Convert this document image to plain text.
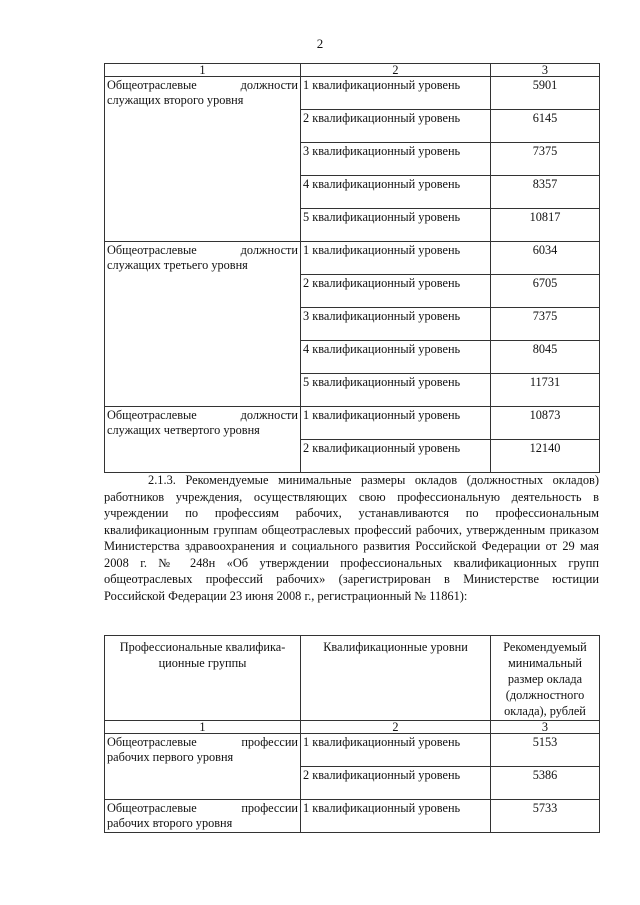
2
1	2	3

Общеотраслевые должности
служащих второго уровня	1 квалификационный уровень	5901
	2 квалификационный уровень	6145
	3 квалификационный уровень	7375
	4 квалификационный уровень	8357
	5 квалификационный уровень	10817

Общеотраслевые должности
служащих третьего уровня	1 квалификационный уровень	6034
	2 квалификационный уровень	6705
	3 квалификационный уровень	7375
	4 квалификационный уровень	8045
	5 квалификационный уровень	11731

Общеотраслевые должности
служащих четвертого уровня	1 квалификационный уровень	10873
	2 квалификационный уровень	12140

2.1.3. Рекомендуемые минимальные размеры окладов (должностных окладов) работников учреждения, осуществляющих свою профессиональную деятельность в учреждении по профессиям рабочих, устанавливаются по профессиональным квалификационным группам общеотраслевых профессий рабочих, утвержденным приказом Министерства здравоохранения и социального развития Российской Федерации от 29 мая 2008 г. № 248н «Об утверждении профессиональных квалификационных групп общеотраслевых профессий рабочих» (зарегистрирован в Министерстве юстиции Российской Федерации 23 июня 2008 г., регистрационный № 11861):

Профессиональные квалифика-ционные группы	Квалификационные уровни	Рекомендуемый минимальный размер оклада (должностного оклада), рублей
1	2	3

Общеотраслевые профессии
рабочих первого уровня	1 квалификационный уровень	5153
	2 квалификационный уровень	5386

Общеотраслевые профессии
рабочих второго уровня	1 квалификационный уровень	5733
